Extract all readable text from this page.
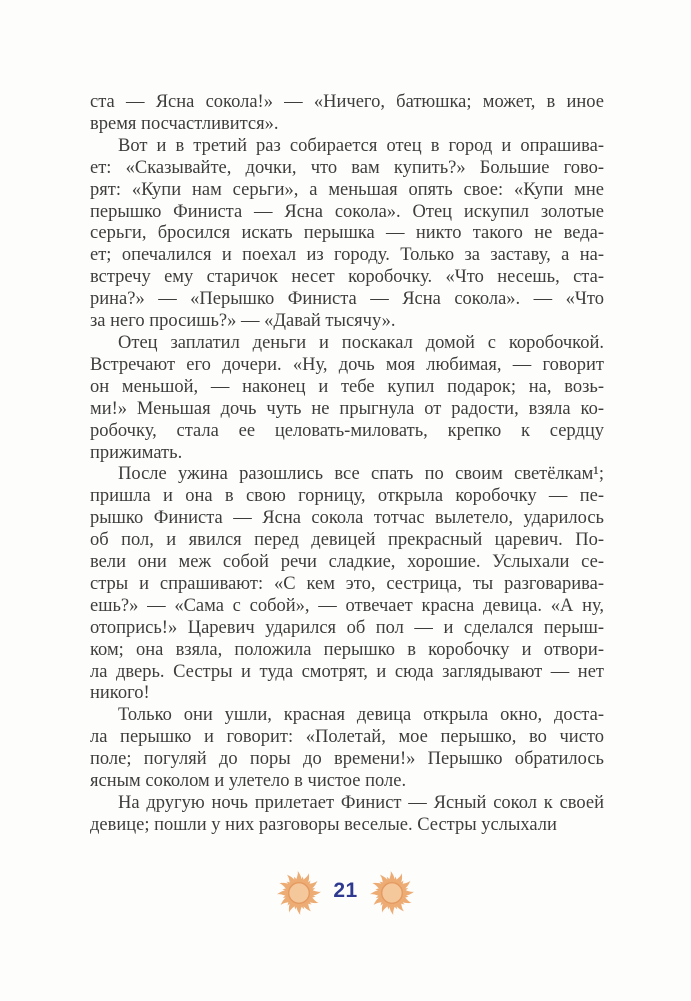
ста — Ясна сокола!» — «Ничего, батюшка; может, в иное
время посчастливится».
Вот и в третий раз собирается отец в город и опрашива-
ет: «Сказывайте, дочки, что вам купить?» Большие гово-
рят: «Купи нам серьги», а меньшая опять свое: «Купи мне
перышко Финиста — Ясна сокола». Отец искупил золотые
серьги, бросился искать перышка — никто такого не веда-
ет; опечалился и поехал из городу. Только за заставу, а на-
встречу ему старичок несет коробочку. «Что несешь, ста-
рина?» — «Перышко Финиста — Ясна сокола». — «Что
за него просишь?» — «Давай тысячу».
Отец заплатил деньги и поскакал домой с коробочкой.
Встречают его дочери. «Ну, дочь моя любимая, — говорит
он меньшой, — наконец и тебе купил подарок; на, возь-
ми!» Меньшая дочь чуть не прыгнула от радости, взяла ко-
робочку, стала ее целовать-миловать, крепко к сердцу
прижимать.
После ужина разошлись все спать по своим светёлкам¹;
пришла и она в свою горницу, открыла коробочку — пе-
рышко Финиста — Ясна сокола тотчас вылетело, ударилось
об пол, и явился перед девицей прекрасный царевич. По-
вели они меж собой речи сладкие, хорошие. Услыхали се-
стры и спрашивают: «С кем это, сестрица, ты разговарива-
ешь?» — «Сама с собой», — отвечает красна девица. «А ну,
отопрись!» Царевич ударился об пол — и сделался перыш-
ком; она взяла, положила перышко в коробочку и отвори-
ла дверь. Сестры и туда смотрят, и сюда заглядывают — нет
никого!
Только они ушли, красная девица открыла окно, доста-
ла перышко и говорит: «Полетай, мое перышко, во чисто
поле; погуляй до поры до времени!» Перышко обратилось
ясным соколом и улетело в чистое поле.
На другую ночь прилетает Финист — Ясный сокол к своей
девице; пошли у них разговоры веселые. Сестры услыхали
21
